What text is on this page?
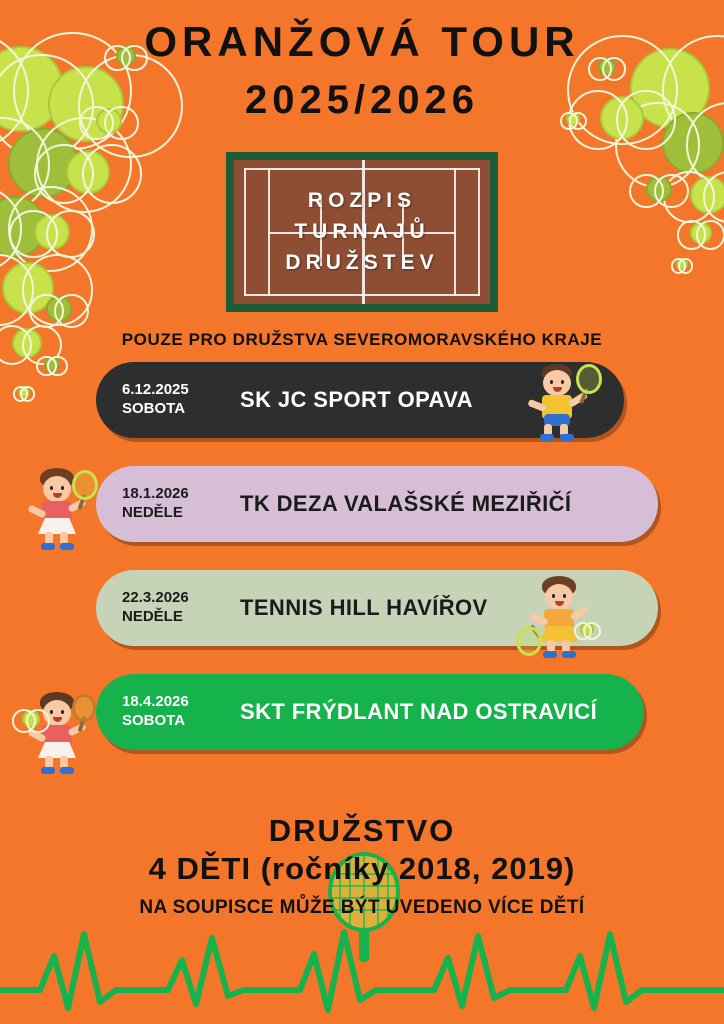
ORANŽOVÁ TOUR
2025/2026
ROZPIS
TURNAJŮ
DRUŽSTEV
POUZE PRO DRUŽSTVA SEVEROMORAVSKÉHO KRAJE
6.12.2025
SOBOTA	SK JC SPORT OPAVA
18.1.2026
NEDĚLE	TK DEZA VALAŠSKÉ MEZIŘIČÍ
22.3.2026
NEDĚLE	TENNIS HILL HAVÍŘOV
18.4.2026
SOBOTA	SKT FRÝDLANT NAD OSTRAVICÍ
DRUŽSTVO
4 DĚTI (ročníky 2018, 2019)
NA SOUPISCE MŮŽE BÝT UVEDENO VÍCE DĚTÍ
